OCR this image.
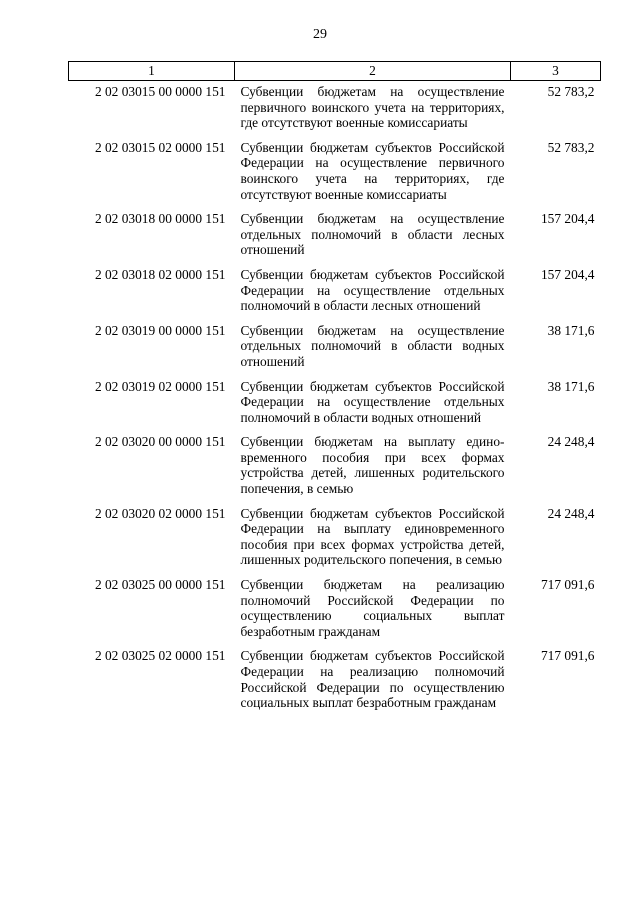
29
1	2	3
2 02 03015 00 0000 151	Субвенции бюджетам на осуществление первичного воинского учета на территориях, где отсутствуют военные комиссариаты	52 783,2
2 02 03015 02 0000 151	Субвенции бюджетам субъектов Российской Федерации на осуществление первичного воинского учета на территориях, где отсутствуют военные комиссариаты	52 783,2
2 02 03018 00 0000 151	Субвенции бюджетам на осуществление отдельных полномочий в области лесных отношений	157 204,4
2 02 03018 02 0000 151	Субвенции бюджетам субъектов Российской Федерации на осуществление отдельных полномочий в области лесных отношений	157 204,4
2 02 03019 00 0000 151	Субвенции бюджетам на осуществление отдельных полномочий в области водных отношений	38 171,6
2 02 03019 02 0000 151	Субвенции бюджетам субъектов Российской Федерации на осуществление отдельных полномочий в области водных отношений	38 171,6
2 02 03020 00 0000 151	Субвенции бюджетам на выплату единовременного пособия при всех формах устройства детей, лишенных родительского попечения, в семью	24 248,4
2 02 03020 02 0000 151	Субвенции бюджетам субъектов Российской Федерации на выплату единовременного пособия при всех формах устройства детей, лишенных родительского попечения, в семью	24 248,4
2 02 03025 00 0000 151	Субвенции бюджетам на реализацию полномочий Российской Федерации по осуществлению социальных выплат безработным гражданам	717 091,6
2 02 03025 02 0000 151	Субвенции бюджетам субъектов Российской Федерации на реализацию полномочий Российской Федерации по осуществлению социальных выплат безработным гражданам	717 091,6
